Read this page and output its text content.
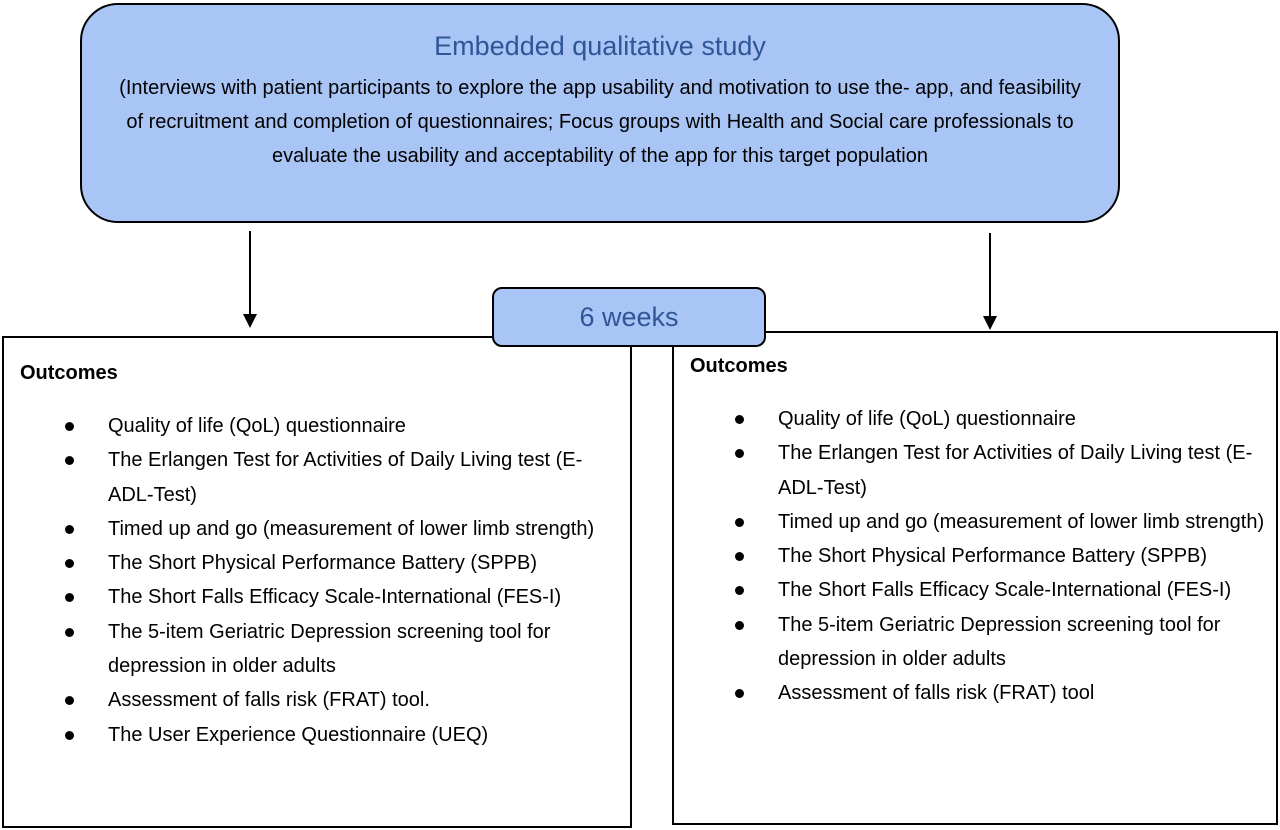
Embedded qualitative study
(Interviews with patient participants to explore the app usability and motivation to use the- app, and feasibility of recruitment and completion of questionnaires; Focus groups with Health and Social care professionals to evaluate the usability and acceptability of the app for this target population
6 weeks
Outcomes
Quality of life (QoL) questionnaire
The Erlangen Test for Activities of Daily Living test (E-ADL-Test)
Timed up and go (measurement of lower limb strength)
The Short Physical Performance Battery (SPPB)
The Short Falls Efficacy Scale-International (FES-I)
The 5-item Geriatric Depression screening tool for depression in older adults
Assessment of falls risk (FRAT) tool.
The User Experience Questionnaire (UEQ)
Outcomes
Quality of life (QoL) questionnaire
The Erlangen Test for Activities of Daily Living test (E-ADL-Test)
Timed up and go (measurement of lower limb strength)
The Short Physical Performance Battery (SPPB)
The Short Falls Efficacy Scale-International (FES-I)
The 5-item Geriatric Depression screening tool for depression in older adults
Assessment of falls risk (FRAT) tool
